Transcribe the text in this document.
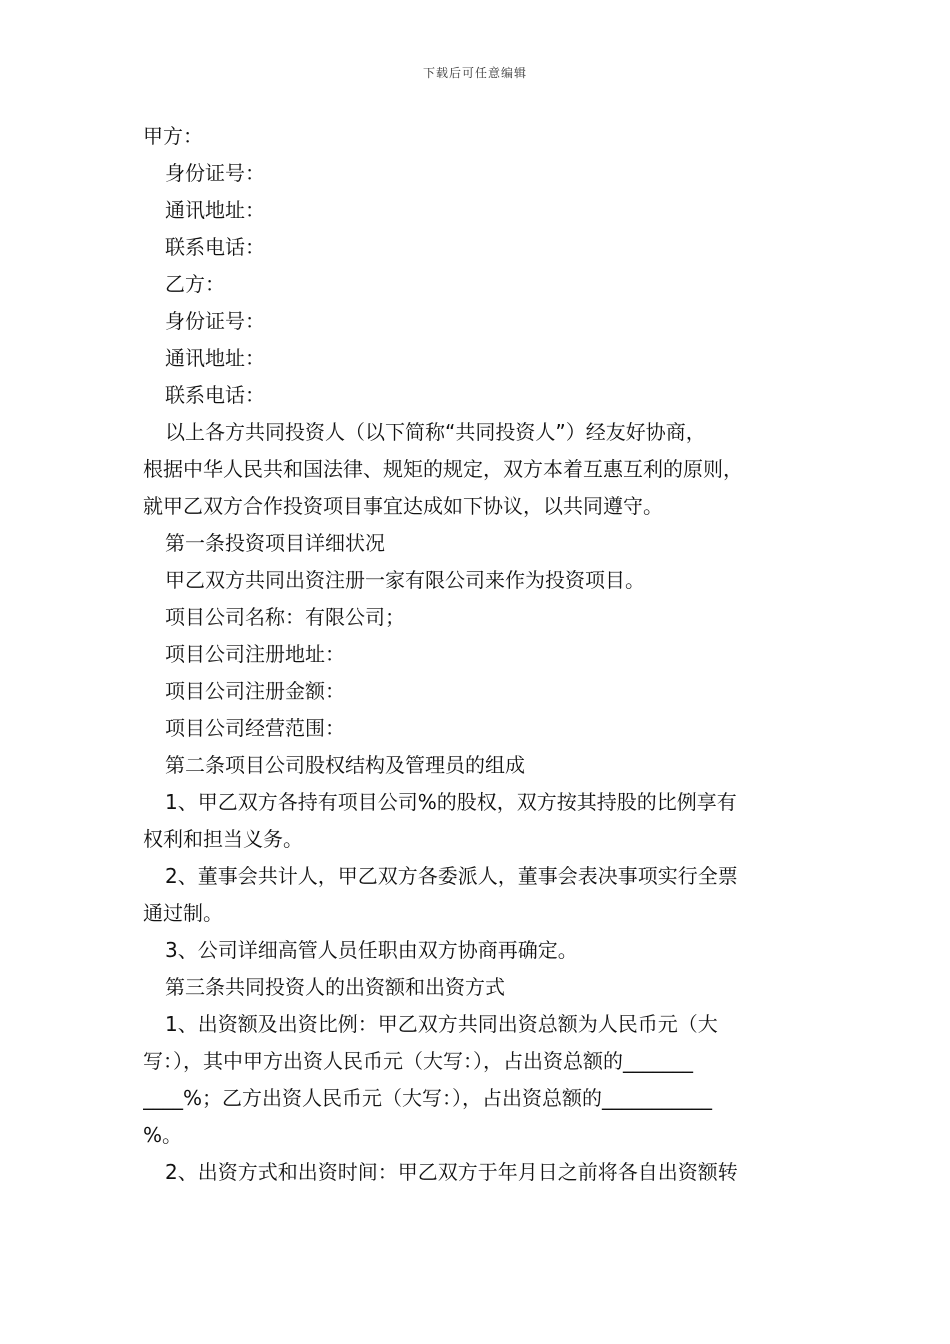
下载后可任意编辑
甲方：
身份证号：
通讯地址：
联系电话：
乙方：
身份证号：
通讯地址：
联系电话：
以上各方共同投资人（以下简称“共同投资人”）经友好协商，
根据中华人民共和国法律、规矩的规定，双方本着互惠互利的原则，
就甲乙双方合作投资项目事宜达成如下协议，以共同遵守。
第一条投资项目详细状况
甲乙双方共同出资注册一家有限公司来作为投资项目。
项目公司名称：有限公司；
项目公司注册地址：
项目公司注册金额：
项目公司经营范围：
第二条项目公司股权结构及管理员的组成
1、甲乙双方各持有项目公司%的股权，双方按其持股的比例享有
权利和担当义务。
2、董事会共计人，甲乙双方各委派人，董事会表决事项实行全票
通过制。
3、公司详细高管人员任职由双方协商再确定。
第三条共同投资人的出资额和出资方式
1、出资额及出资比例：甲乙双方共同出资总额为人民币元（大
写：），其中甲方出资人民币元（大写：），占出资总额的_______
____%；乙方出资人民币元（大写：），占出资总额的___________
%。
2、出资方式和出资时间：甲乙双方于年月日之前将各自出资额转
